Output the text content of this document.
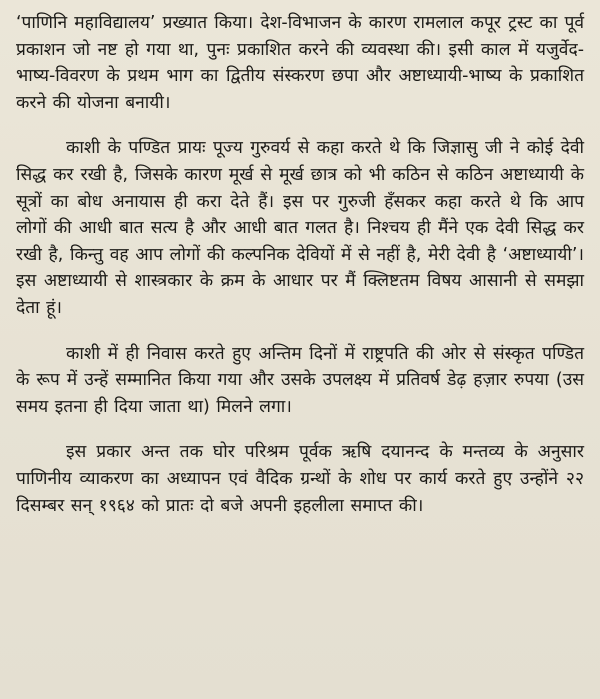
‘पाणिनि महाविद्यालय’ प्रख्यात किया। देश-विभाजन के कारण रामलाल कपूर ट्रस्ट का पूर्व प्रकाशन जो नष्ट हो गया था, पुनः प्रकाशित करने की व्यवस्था की। इसी काल में यजुर्वेद-भाष्य-विवरण के प्रथम भाग का द्वितीय संस्करण छपा और अष्टाध्यायी-भाष्य के प्रकाशित करने की योजना बनायी।

काशी के पण्डित प्रायः पूज्य गुरुवर्य से कहा करते थे कि जिज्ञासु जी ने कोई देवी सिद्ध कर रखी है, जिसके कारण मूर्ख से मूर्ख छात्र को भी कठिन से कठिन अष्टाध्यायी के सूत्रों का बोध अनायास ही करा देते हैं। इस पर गुरुजी हँसकर कहा करते थे कि आप लोगों की आधी बात सत्य है और आधी बात गलत है। निश्चय ही मैंने एक देवी सिद्ध कर रखी है, किन्तु वह आप लोगों की कल्पनिक देवियों में से नहीं है, मेरी देवी है ‘अष्टाध्यायी’। इस अष्टाध्यायी से शास्त्रकार के क्रम के आधार पर मैं क्लिष्टतम विषय आसानी से समझा देता हूं।

काशी में ही निवास करते हुए अन्तिम दिनों में राष्ट्रपति की ओर से संस्कृत पण्डित के रूप में उन्हें सम्मानित किया गया और उसके उपलक्ष्य में प्रतिवर्ष डेढ़ हज़ार रुपया (उस समय इतना ही दिया जाता था) मिलने लगा।

इस प्रकार अन्त तक घोर परिश्रम पूर्वक ऋषि दयानन्द के मन्तव्य के अनुसार पाणिनीय व्याकरण का अध्यापन एवं वैदिक ग्रन्थों के शोध पर कार्य करते हुए उन्होंने २२ दिसम्बर सन् १९६४ को प्रातः दो बजे अपनी इहलीला समाप्त की।
